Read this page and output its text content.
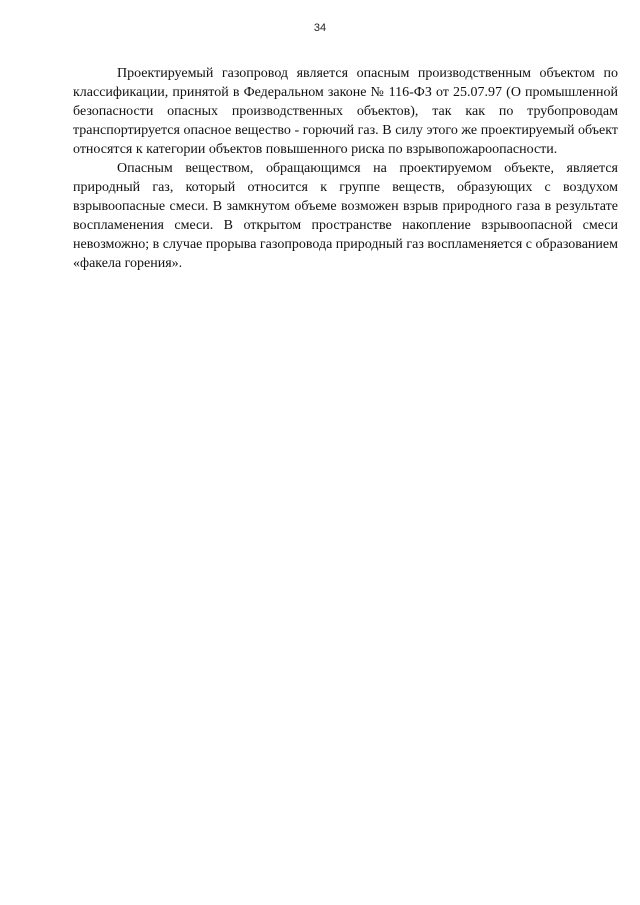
34

Проектируемый газопровод является опасным производственным объектом по классификации, принятой в Федеральном законе № 116-ФЗ от 25.07.97 (О промышленной безопасности опасных производственных объектов), так как по трубопроводам транспортируется опасное вещество - горючий газ. В силу этого же проектируемый объект относятся к категории объектов повышенного риска по взрывопожароопасности.

Опасным веществом, обращающимся на проектируемом объекте, является природный газ, который относится к группе веществ, образующих с воздухом взрывоопасные смеси. В замкнутом объеме возможен взрыв природного газа в результате воспламенения смеси. В открытом пространстве накопление взрывоопасной смеси невозможно; в случае прорыва газопровода природный газ воспламеняется с образованием «факела горения».
